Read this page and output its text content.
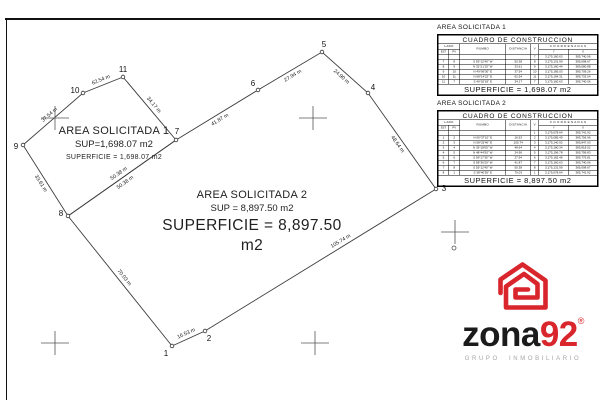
37.54 m
62.54 m
34.17 m
50.38 m
33.61 m
16.53 m
105.74 m
48.64 m
24.90 m
27.94 m
41.87 m
50.38 m
70.03 m
1
2
3
4
5
6
7
8
9
10
11
AREA SOLICITADA 1
SUP=1,698.07 m2
SUPERFICIE = 1,698.07 m2
AREA SOLICITADA 2
SUP = 8,897.50 m2
SUPERFICIE = 8,897.50 m2
AREA SOLICITADA 1
CUADRO DE CONSTRUCCION						
LADO		RUMBO	DISTANCIA	V	C O O R D E N A D A S	
EST	PV				Y	X
				7	3,175,160.63	385,740.06
7	8	S 55°12'40" W	50.38	8	3,175,131.99	385,698.67
8	9	N 32°21'15" W	33.61	9	3,175,160.44	385,680.88
9	10	N 49°06'30" E	37.54	10	3,175,185.03	385,709.26
10	11	N 68°14'22" E	62.54	11	3,175,194.31	385,733.04
11	7	S 40°02'18" E	34.17	7	3,175,160.63	385,740.06
SUPERFICIE = 1,698.07 m2						
AREA SOLICITADA 2
CUADRO DE CONSTRUCCION						
LADO		RUMBO	DISTANCIA	V	C O O R D E N A D A S	
EST	PV				Y	X
				1	3,175,078.64	385,741.92
1	2	N 65°37'10" E	16.53	2	3,175,085.49	385,756.96
2	3	N 58°25'40" E	105.74	3	3,175,140.92	385,847.03
3	4	N 35°18'05" W	48.64	4	3,175,180.34	385,818.52
4	5	N 48°44'50" W	24.90	5	3,175,196.78	385,799.83
5	6	S 59°17'35" W	27.94	6	3,175,182.46	385,775.81
6	7	S 58°36'20" W	41.87	7	3,175,160.63	385,740.06
7	8	S 55°12'40" W	50.38	8	3,175,131.99	385,698.67
8	1	S 38°40'55" E	70.03	1	3,175,078.64	385,741.92
SUPERFICIE = 8,897.50 m2						
zona92®
GRUPO INMOBILIARIO
